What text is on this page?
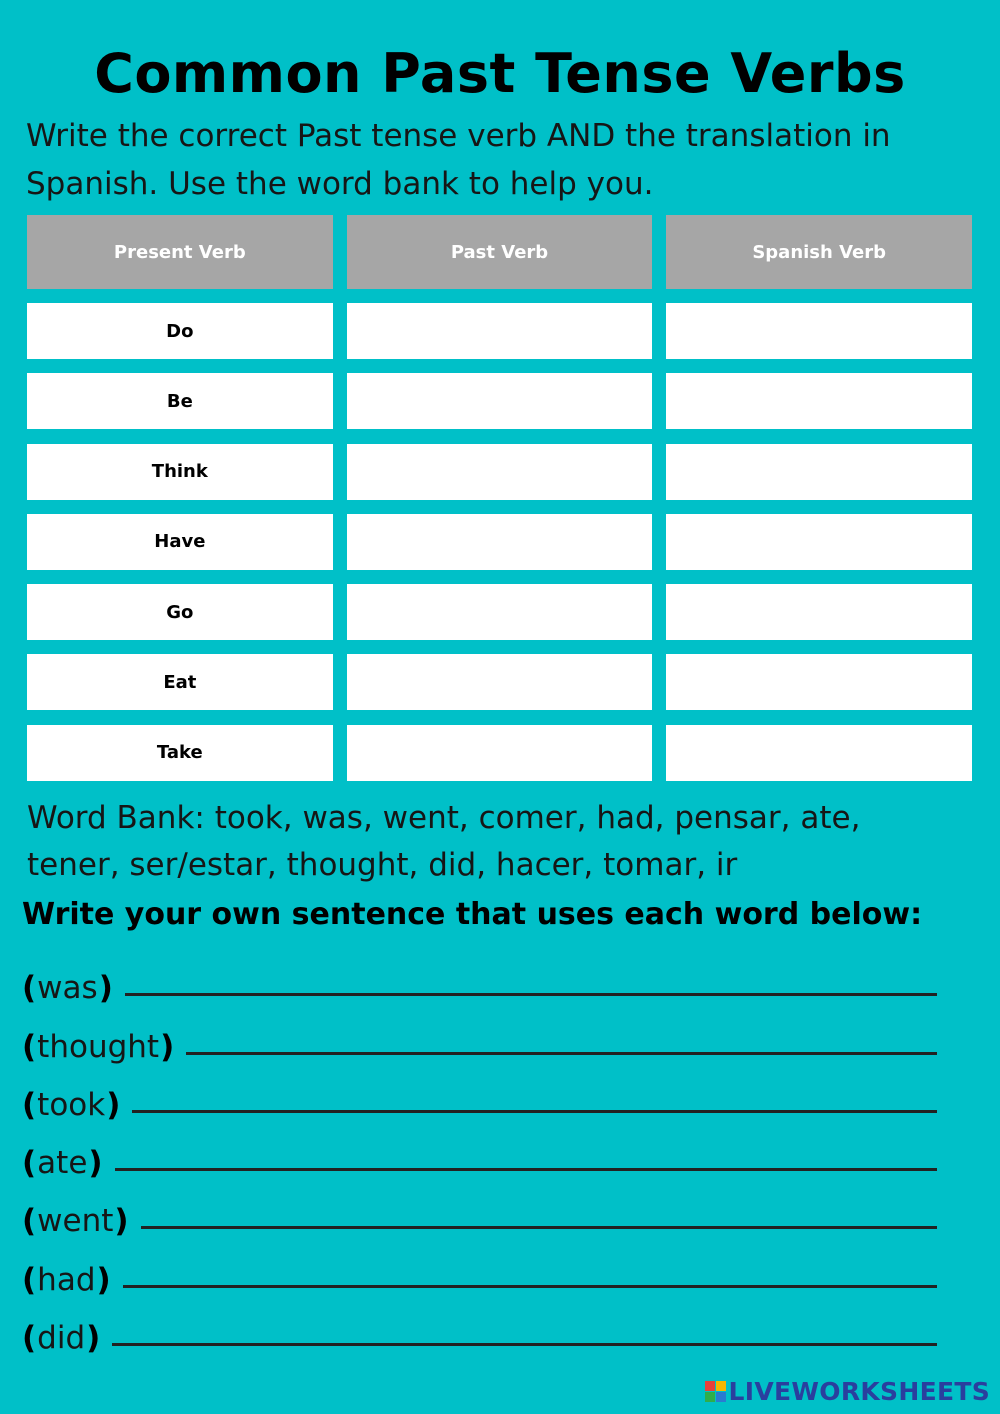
Common Past Tense Verbs
Write the correct Past tense verb AND the translation in Spanish. Use the word bank to help you.
Present Verb	Past Verb	Spanish Verb
Do
Be
Think
Have
Go
Eat
Take
Word Bank: took, was, went, comer, had, pensar, ate, tener, ser/estar, thought, did, hacer, tomar, ir
Write your own sentence that uses each word below:
( was )
( thought )
( took )
( ate )
( went )
( had )
( did )
LIVEWORKSHEETS
